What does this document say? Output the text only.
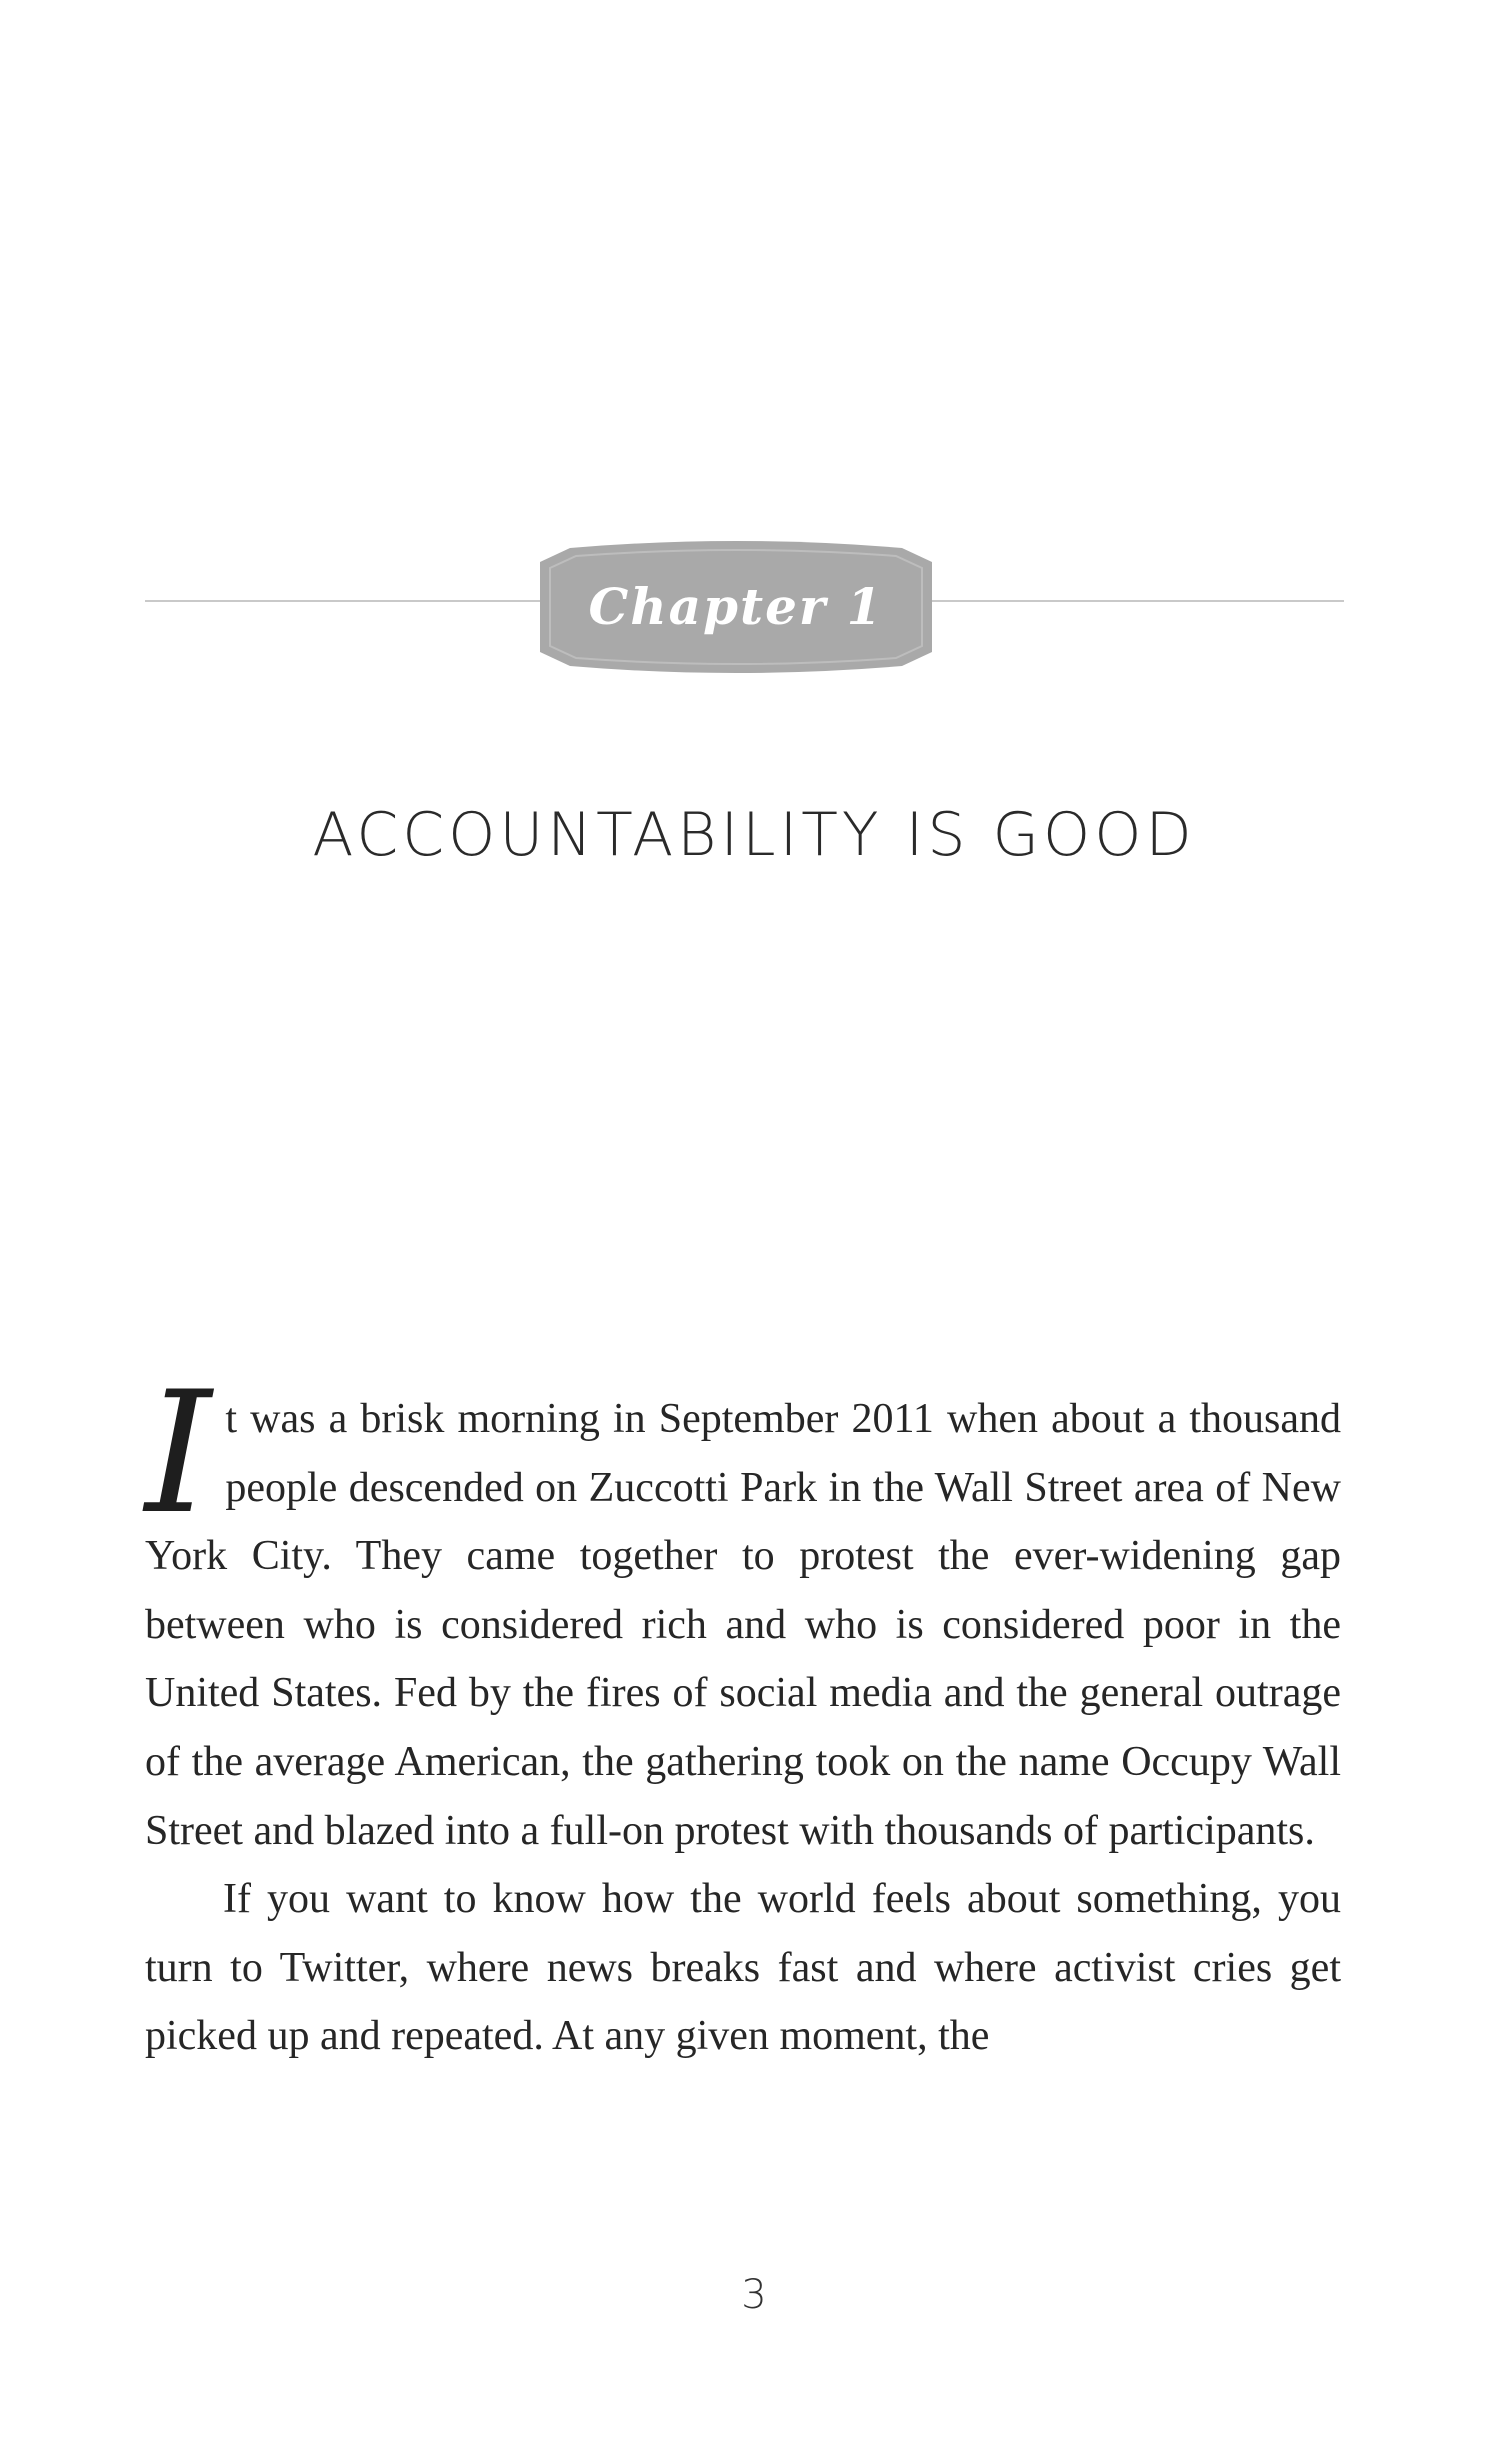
Chapter 1
ACCOUNTABILITY IS GOOD

It was a brisk morning in September 2011 when about a thousand people descended on Zuccotti Park in the Wall Street area of New York City. They came together to protest the ever-widening gap between who is considered rich and who is considered poor in the United States. Fed by the fires of social media and the general outrage of the average American, the gathering took on the name Occupy Wall Street and blazed into a full-on protest with thousands of participants.

If you want to know how the world feels about something, you turn to Twitter, where news breaks fast and where activist cries get picked up and repeated. At any given moment, the

3
